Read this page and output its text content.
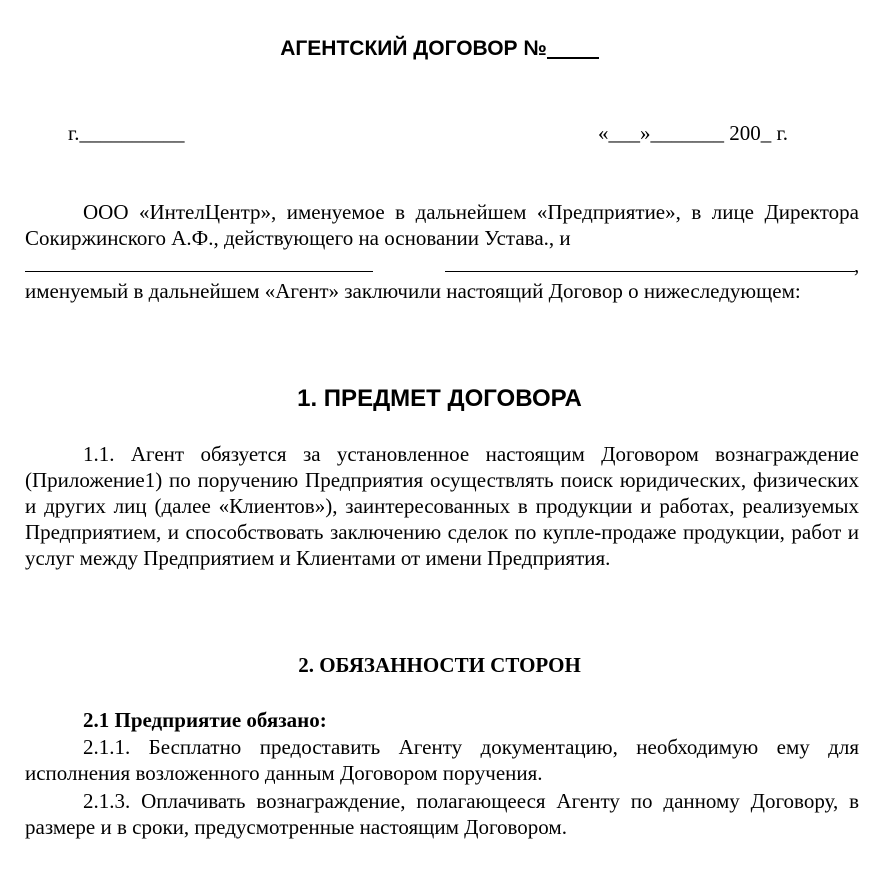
АГЕНТСКИЙ ДОГОВОР №
г.__________	«___»_______ 200_ г.

ООО «ИнтелЦентр», именуемое в дальнейшем «Предприятие», в лице Директора Сокиржинского А.Ф., действующего на основании Устава., и

,

именуемый в дальнейшем «Агент» заключили настоящий Договор о нижеследующем:

1. ПРЕДМЕТ ДОГОВОРА

1.1. Агент обязуется за установленное настоящим Договором вознаграждение (Приложение1) по поручению Предприятия осуществлять поиск юридических, физических и других лиц (далее «Клиентов»), заинтересованных в продукции и работах, реализуемых Предприятием, и способствовать заключению сделок по купле-продаже продукции, работ и услуг между Предприятием и Клиентами от имени Предприятия.

2. ОБЯЗАННОСТИ СТОРОН
2.1 Предприятие обязано:

2.1.1. Бесплатно предоставить Агенту документацию, необходимую ему для исполнения возложенного данным Договором поручения.

2.1.3. Оплачивать вознаграждение, полагающееся Агенту по данному Договору, в размере и в сроки, предусмотренные настоящим Договором.
